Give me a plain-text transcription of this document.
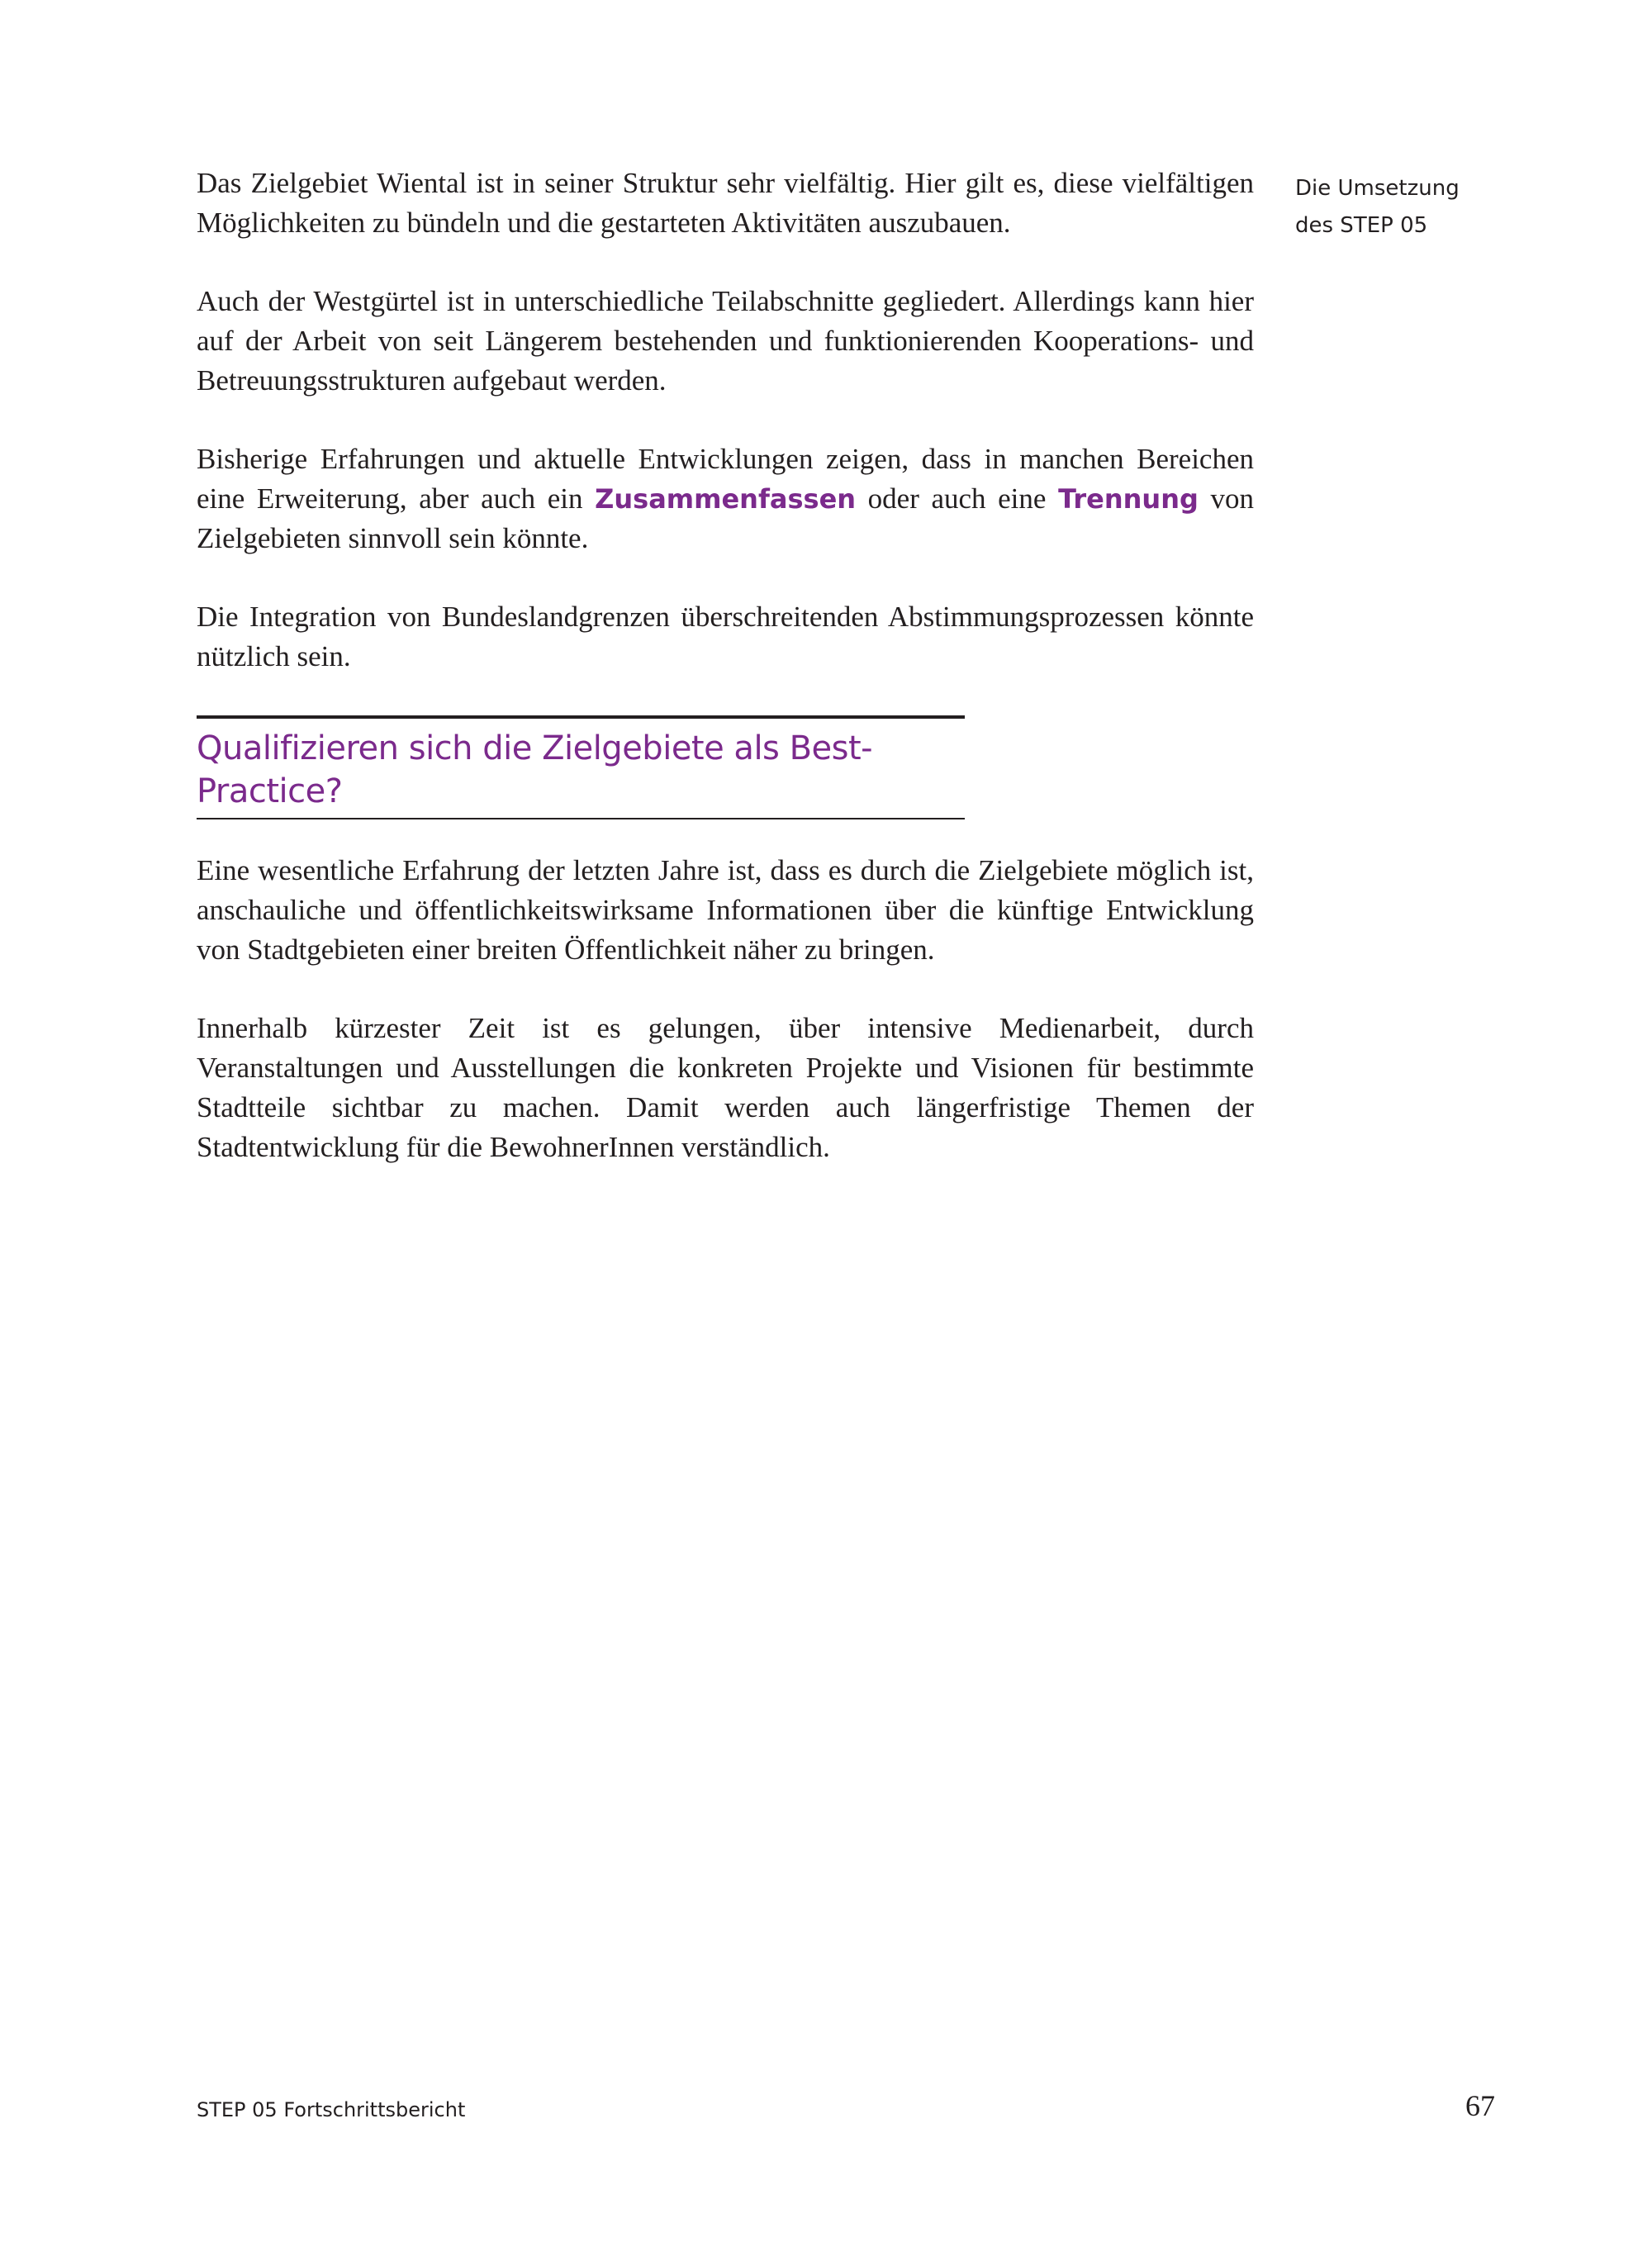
Das Zielgebiet Wiental ist in seiner Struktur sehr vielfältig. Hier gilt es, diese vielfältigen Möglichkeiten zu bündeln und die gestarteten Aktivitäten auszubauen.

Auch der Westgürtel ist in unterschiedliche Teilabschnitte gegliedert. Allerdings kann hier auf der Arbeit von seit Längerem bestehenden und funktionierenden Kooperations- und Betreuungsstrukturen aufgebaut werden.

Bisherige Erfahrungen und aktuelle Entwicklungen zeigen, dass in manchen Bereichen eine Erweiterung, aber auch ein Zusammenfassen oder auch eine Trennung von Zielgebieten sinnvoll sein könnte.

Die Integration von Bundeslandgrenzen überschreitenden Abstimmungsprozessen könnte nützlich sein.

Qualifizieren sich die Zielgebiete als Best-Practice?

Eine wesentliche Erfahrung der letzten Jahre ist, dass es durch die Zielgebiete möglich ist, anschauliche und öffentlichkeitswirksame Informationen über die künftige Entwicklung von Stadtgebieten einer breiten Öffentlichkeit näher zu bringen.

Innerhalb kürzester Zeit ist es gelungen, über intensive Medienarbeit, durch Veranstaltungen und Ausstellungen die konkreten Projekte und Visionen für bestimmte Stadtteile sichtbar zu machen. Damit werden auch längerfristige Themen der Stadtentwicklung für die BewohnerInnen verständlich.

Die Umsetzung
des STEP 05
STEP 05 Fortschrittsbericht	67
